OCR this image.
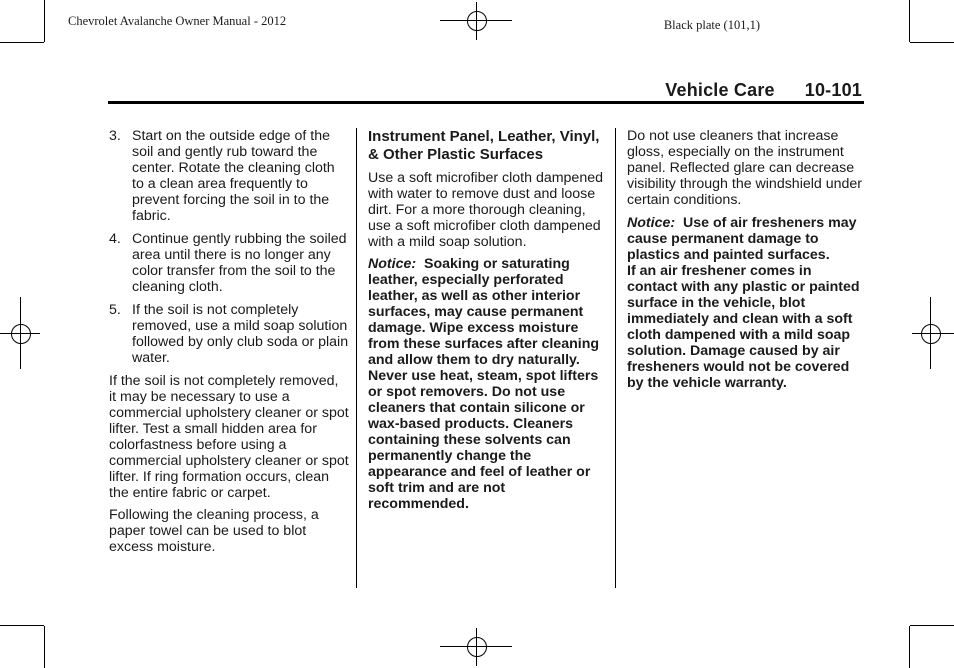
Chevrolet Avalanche Owner Manual - 2012	Black plate (101,1)
Vehicle Care 10-101
3. Start on the outside edge of the soil and gently rub toward the center. Rotate the cleaning cloth to a clean area frequently to prevent forcing the soil in to the fabric.
4. Continue gently rubbing the soiled area until there is no longer any color transfer from the soil to the cleaning cloth.
5. If the soil is not completely removed, use a mild soap solution followed by only club soda or plain water.

If the soil is not completely removed, it may be necessary to use a commercial upholstery cleaner or spot lifter. Test a small hidden area for colorfastness before using a commercial upholstery cleaner or spot lifter. If ring formation occurs, clean the entire fabric or carpet.

Following the cleaning process, a paper towel can be used to blot excess moisture.

Instrument Panel, Leather, Vinyl, & Other Plastic Surfaces

Use a soft microfiber cloth dampened with water to remove dust and loose dirt. For a more thorough cleaning, use a soft microfiber cloth dampened with a mild soap solution.

Notice: Soaking or saturating leather, especially perforated leather, as well as other interior surfaces, may cause permanent damage. Wipe excess moisture from these surfaces after cleaning and allow them to dry naturally. Never use heat, steam, spot lifters or spot removers. Do not use cleaners that contain silicone or wax-based products. Cleaners containing these solvents can permanently change the appearance and feel of leather or soft trim and are not recommended.

Do not use cleaners that increase gloss, especially on the instrument panel. Reflected glare can decrease visibility through the windshield under certain conditions.

Notice: Use of air fresheners may cause permanent damage to plastics and painted surfaces.

If an air freshener comes in contact with any plastic or painted surface in the vehicle, blot immediately and clean with a soft cloth dampened with a mild soap solution. Damage caused by air fresheners would not be covered by the vehicle warranty.
